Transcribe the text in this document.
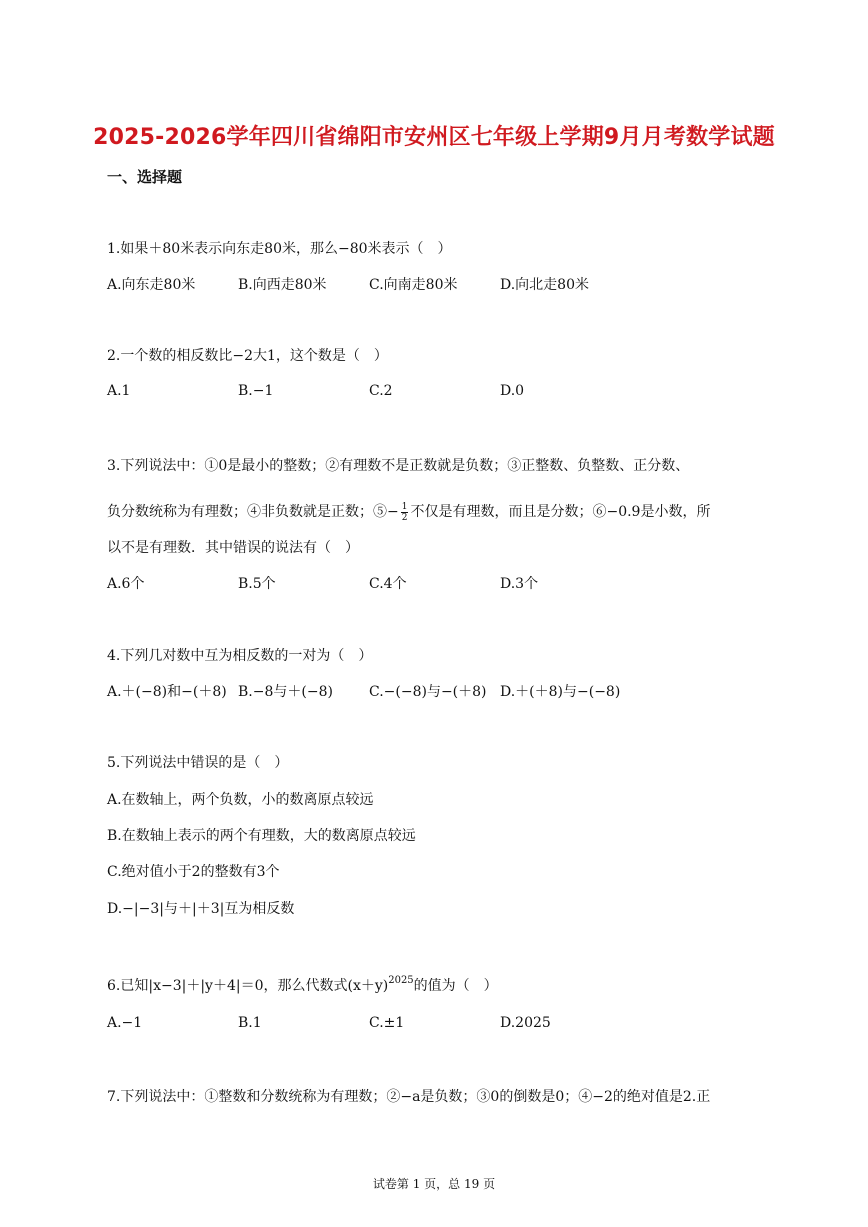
2025-2026学年四川省绵阳市安州区七年级上学期9月月考数学试题
一、选择题
1.如果＋80米表示向东走80米，那么−80米表示（　）
A.向东走80米	B.向西走80米	C.向南走80米	D.向北走80米
2.一个数的相反数比−2大1，这个数是（　）
A.1	B.−1	C.2	D.0
3.下列说法中：①0是最小的整数；②有理数不是正数就是负数；③正整数、负整数、正分数、
负分数统称为有理数；④非负数就是正数；⑤− $\frac{1}{2}$ 不仅是有理数，而且是分数；⑥−0.9是小数，所
以不是有理数．其中错误的说法有（　）
A.6个	B.5个	C.4个	D.3个
4.下列几对数中互为相反数的一对为（　）
A.＋(−8)和−(＋8) B.−8与＋(−8)	C.−(−8)与−(＋8) D.＋(＋8)与−(−8)
5.下列说法中错误的是（　）
A.在数轴上，两个负数，小的数离原点较远
B.在数轴上表示的两个有理数，大的数离原点较远
C.绝对值小于2的整数有3个
D.−|−3|与＋|＋3|互为相反数
6.已知|x−3|＋|y＋4|＝0，那么代数式$(x+y)^{2025}$的值为（　）
A.−1	B.1	C.±1	D.2025
7.下列说法中：①整数和分数统称为有理数；②−a是负数；③0的倒数是0；④−2的绝对值是2.正
试卷第 1 页，总 19 页
